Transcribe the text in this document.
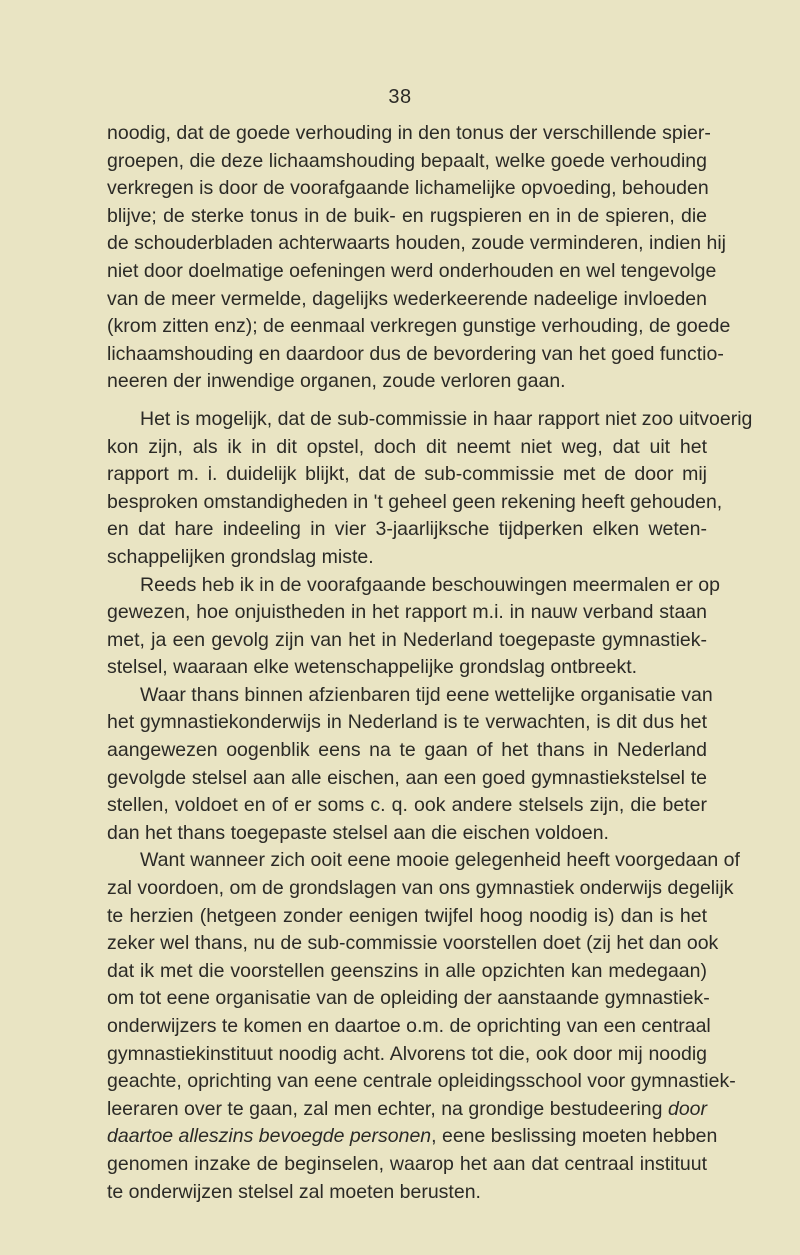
38
noodig, dat de goede verhouding in den tonus der verschillende spier-
groepen, die deze lichaamshouding bepaalt, welke goede verhouding
verkregen is door de voorafgaande lichamelijke opvoeding, behouden
blijve; de sterke tonus in de buik- en rugspieren en in de spieren, die
de schouderbladen achterwaarts houden, zoude verminderen, indien hij
niet door doelmatige oefeningen werd onderhouden en wel tengevolge
van de meer vermelde, dagelijks wederkeerende nadeelige invloeden
(krom zitten enz); de eenmaal verkregen gunstige verhouding, de goede
lichaamshouding en daardoor dus de bevordering van het goed functio-
neeren der inwendige organen, zoude verloren gaan.
Het is mogelijk, dat de sub-commissie in haar rapport niet zoo uitvoerig
kon zijn, als ik in dit opstel, doch dit neemt niet weg, dat uit het
rapport m. i. duidelijk blijkt, dat de sub-commissie met de door mij
besproken omstandigheden in 't geheel geen rekening heeft gehouden,
en dat hare indeeling in vier 3-jaarlijksche tijdperken elken weten-
schappelijken grondslag miste.
Reeds heb ik in de voorafgaande beschouwingen meermalen er op
gewezen, hoe onjuistheden in het rapport m.i. in nauw verband staan
met, ja een gevolg zijn van het in Nederland toegepaste gymnastiek-
stelsel, waaraan elke wetenschappelijke grondslag ontbreekt.
Waar thans binnen afzienbaren tijd eene wettelijke organisatie van
het gymnastiekonderwijs in Nederland is te verwachten, is dit dus het
aangewezen oogenblik eens na te gaan of het thans in Nederland
gevolgde stelsel aan alle eischen, aan een goed gymnastiekstelsel te
stellen, voldoet en of er soms c. q. ook andere stelsels zijn, die beter
dan het thans toegepaste stelsel aan die eischen voldoen.
Want wanneer zich ooit eene mooie gelegenheid heeft voorgedaan of
zal voordoen, om de grondslagen van ons gymnastiek onderwijs degelijk
te herzien (hetgeen zonder eenigen twijfel hoog noodig is) dan is het
zeker wel thans, nu de sub-commissie voorstellen doet (zij het dan ook
dat ik met die voorstellen geenszins in alle opzichten kan medegaan)
om tot eene organisatie van de opleiding der aanstaande gymnastiek-
onderwijzers te komen en daartoe o.m. de oprichting van een centraal
gymnastiekinstituut noodig acht. Alvorens tot die, ook door mij noodig
geachte, oprichting van eene centrale opleidingsschool voor gymnastiek-
leeraren over te gaan, zal men echter, na grondige bestudeering door
daartoe alleszins bevoegde personen, eene beslissing moeten hebben
genomen inzake de beginselen, waarop het aan dat centraal instituut
te onderwijzen stelsel zal moeten berusten.
